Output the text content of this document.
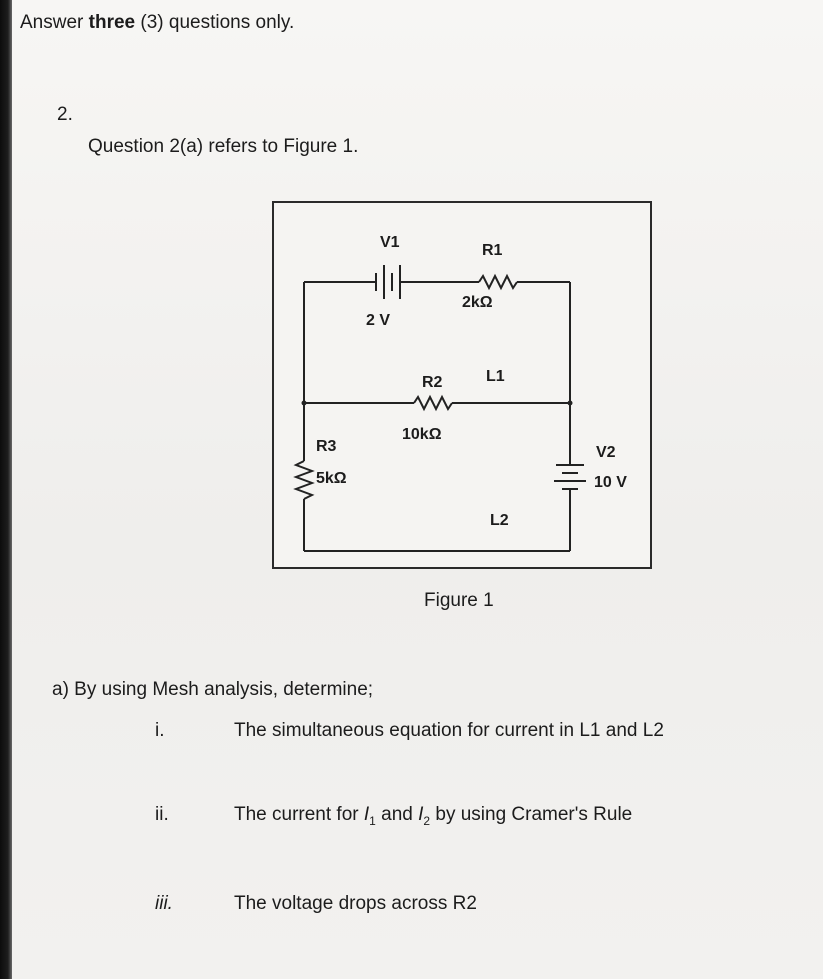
Answer three (3) questions only.
2.
Question 2(a) refers to Figure 1.
V1
2 V
R1
2kΩ
R2
10kΩ
L1
R3
5kΩ
V2
10 V
L2
Figure 1
a) By using Mesh analysis, determine;
i.	The simultaneous equation for current in L1 and L2
ii.	The current for $I_1$ and $I_2$ by using Cramer's Rule
iii.	The voltage drops across R2
